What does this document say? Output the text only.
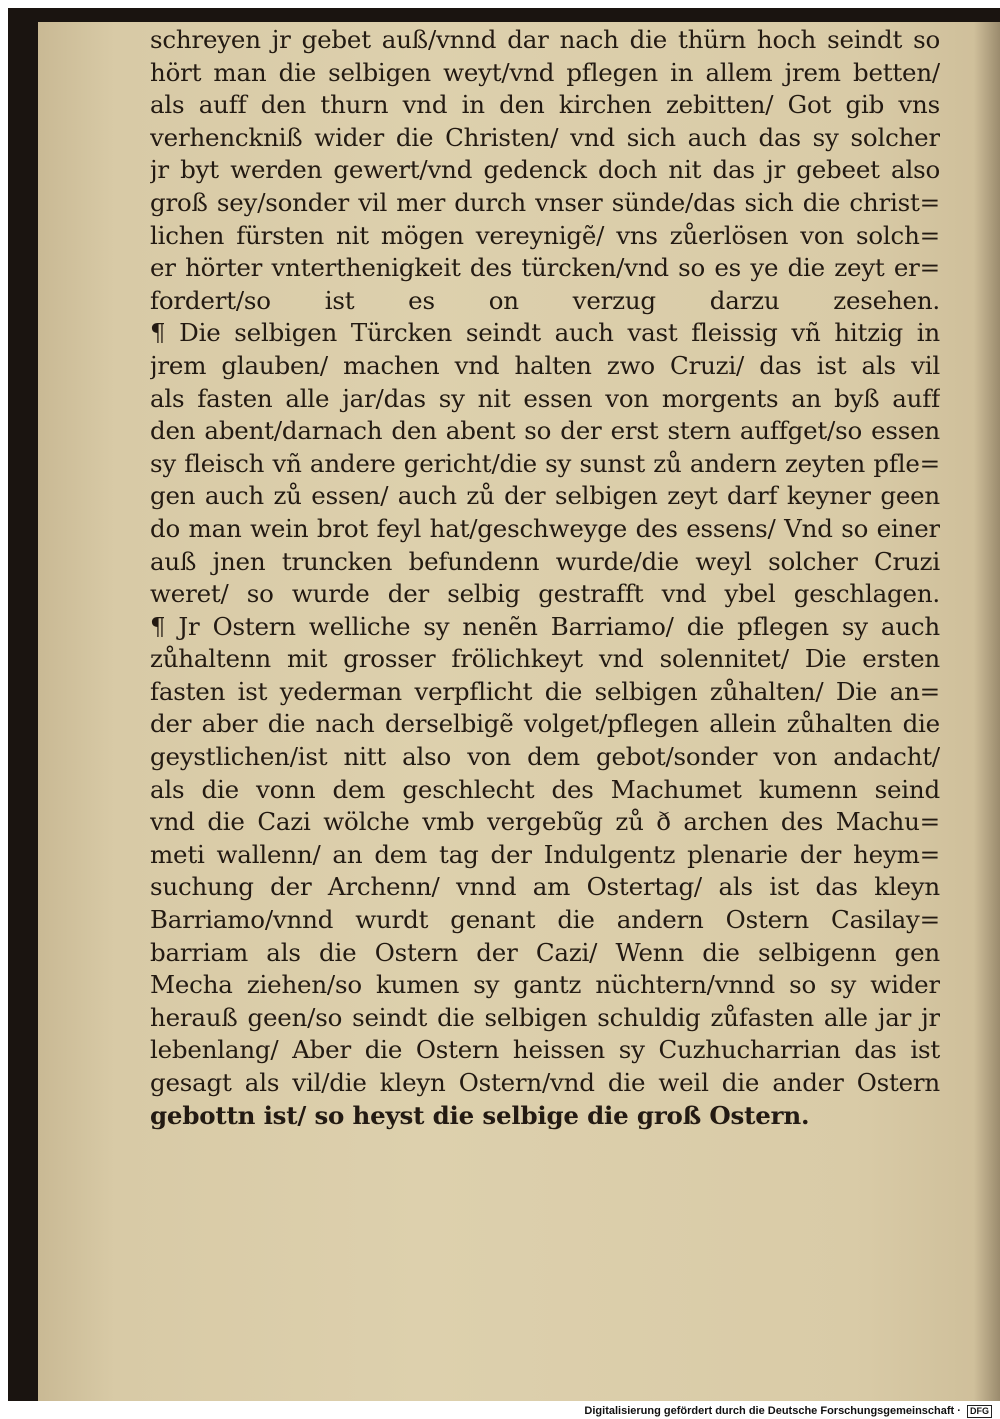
schreyen jr gebet auß/vnnd dar nach die thürn hoch seindt so
hört man die selbigen weyt/vnd pflegen in allem jrem betten/
als auff den thurn vnd in den kirchen zebitten/ Got gib vns
verhenckniß wider die Christen/ vnd sich auch das sy solcher
jr byt werden gewert/vnd gedenck doch nit das jr gebeet also
groß sey/sonder vil mer durch vnser sünde/das sich die christ=
lichen fürsten nit mögen vereynigẽ/ vns zůerlösen von solch=
er hörter vnterthenigkeit des türcken/vnd so es ye die zeyt er=
fordert/so ist es on verzug darzu zesehen.
¶ Die selbigen Türcken seindt auch vast fleissig vñ hitzig in
jrem glauben/ machen vnd halten zwo Cruzi/ das ist als vil
als fasten alle jar/das sy nit essen von morgents an byß auff
den abent/darnach den abent so der erst stern auffget/so essen
sy fleisch vñ andere gericht/die sy sunst zů andern zeyten pfle=
gen auch zů essen/ auch zů der selbigen zeyt darf keyner geen
do man wein brot feyl hat/geschweyge des essens/ Vnd so einer
auß jnen truncken befundenn wurde/die weyl solcher Cruzi
weret/ so wurde der selbig gestrafft vnd ybel geschlagen.
¶ Jr Ostern welliche sy nenẽn Barriamo/ die pflegen sy auch
zůhaltenn mit grosser frölichkeyt vnd solennitet/ Die ersten
fasten ist yederman verpflicht die selbigen zůhalten/ Die an=
der aber die nach derselbigẽ volget/pflegen allein zůhalten die
geystlichen/ist nitt also von dem gebot/sonder von andacht/
als die vonn dem geschlecht des Machumet kumenn seind
vnd die Cazi wölche vmb vergebũg zů ð archen des Machu=
meti wallenn/ an dem tag der Indulgentz plenarie der heym=
suchung der Archenn/ vnnd am Ostertag/ als ist das kleyn
Barriamo/vnnd wurdt genant die andern Ostern Casilay=
barriam als die Ostern der Cazi/ Wenn die selbigenn gen
Mecha ziehen/so kumen sy gantz nüchtern/vnnd so sy wider
herauß geen/so seindt die selbigen schuldig zůfasten alle jar jr
lebenlang/ Aber die Ostern heissen sy Cuzhucharrian das ist
gesagt als vil/die kleyn Ostern/vnd die weil die ander Ostern
gebottn ist/ so heyst die selbige die groß Ostern.
Digitalisierung gefördert durch die Deutsche Forschungsgemeinschaft · DFG
